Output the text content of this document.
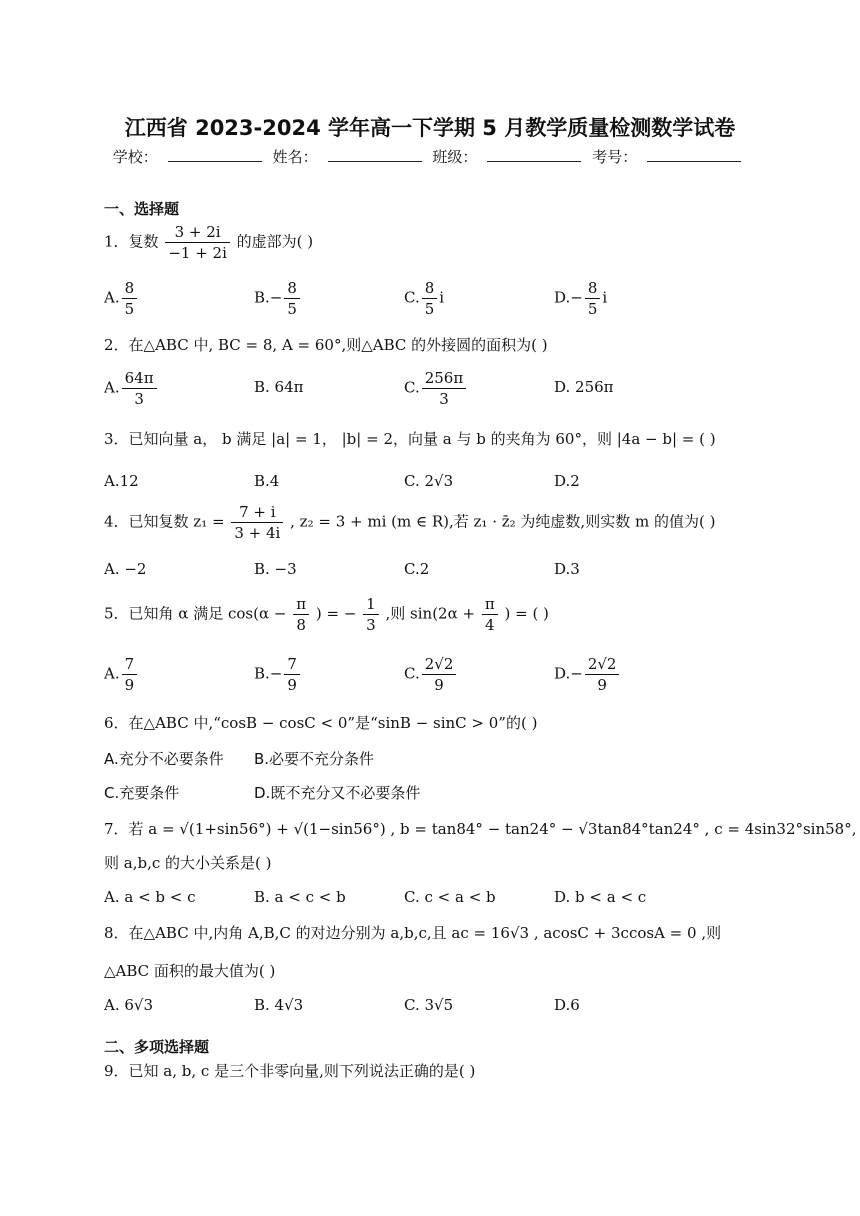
江西省 2023-2024 学年高一下学期 5 月教学质量检测数学试卷
学校：	姓名：	班级：	考号：
一、选择题
1．复数 $\frac{3 + 2i}{-1 + 2i}$ 的虚部为( )
A. $\frac{8}{5}$	$B.- \frac{8}{5}$	C. $\frac{8}{5}$ i	$D.- \frac{8}{5}$ i
2．在△ABC 中, BC = 8, A = 60°,则△ABC 的外接圆的面积为( )
A. $\frac{64\pi}{3}$	B. 64π	C. $\frac{256\pi}{3}$	D. 256π
3．已知向量 a， b 满足 |a| = 1， |b| = 2，向量 a 与 b 的夹角为 60°，则 |4a − b| = ( )
A.12	B.4	C. 2√3	D.2
4．已知复数 $z_1 = \frac{7 + i}{3 + 4i}$ , z₂ = 3 + mi (m ∈ R),若 z₁ · z̄₂ 为纯虚数,则实数 m 的值为( )
A. −2	B. −3	C.2	D.3
5．已知角 α 满足 $\cos(\alpha - \frac{\pi}{8}$ ) = − $\frac{1}{3}$ ,则 $\sin(2\alpha + \frac{\pi}{4}$ ) = ( )
A. $\frac{7}{9}$	$B.- \frac{7}{9}$	C. $\frac{2√2}{9}$	$D.- \frac{2√2}{9}$
6．在△ABC 中,“cosB − cosC < 0”是“sinB − sinC > 0”的( )
A.充分不必要条件 B.必要不充分条件
C.充要条件	D.既不充分又不必要条件
7．若 a = √(1+sin56°) + √(1−sin56°) , b = tan84° − tan24° − √3tan84°tan24° , c = 4sin32°sin58°,
则 a,b,c 的大小关系是( )
A. a < b < c	B. a < c < b	C. c < a < b	D. b < a < c
8．在△ABC 中,内角 A,B,C 的对边分别为 a,b,c,且 ac = 16√3 , acosC + 3ccosA = 0 ,则
△ABC 面积的最大值为( )
A. 6√3	B. 4√3	C. 3√5	D.6
二、多项选择题
9．已知 a, b, c 是三个非零向量,则下列说法正确的是( )
